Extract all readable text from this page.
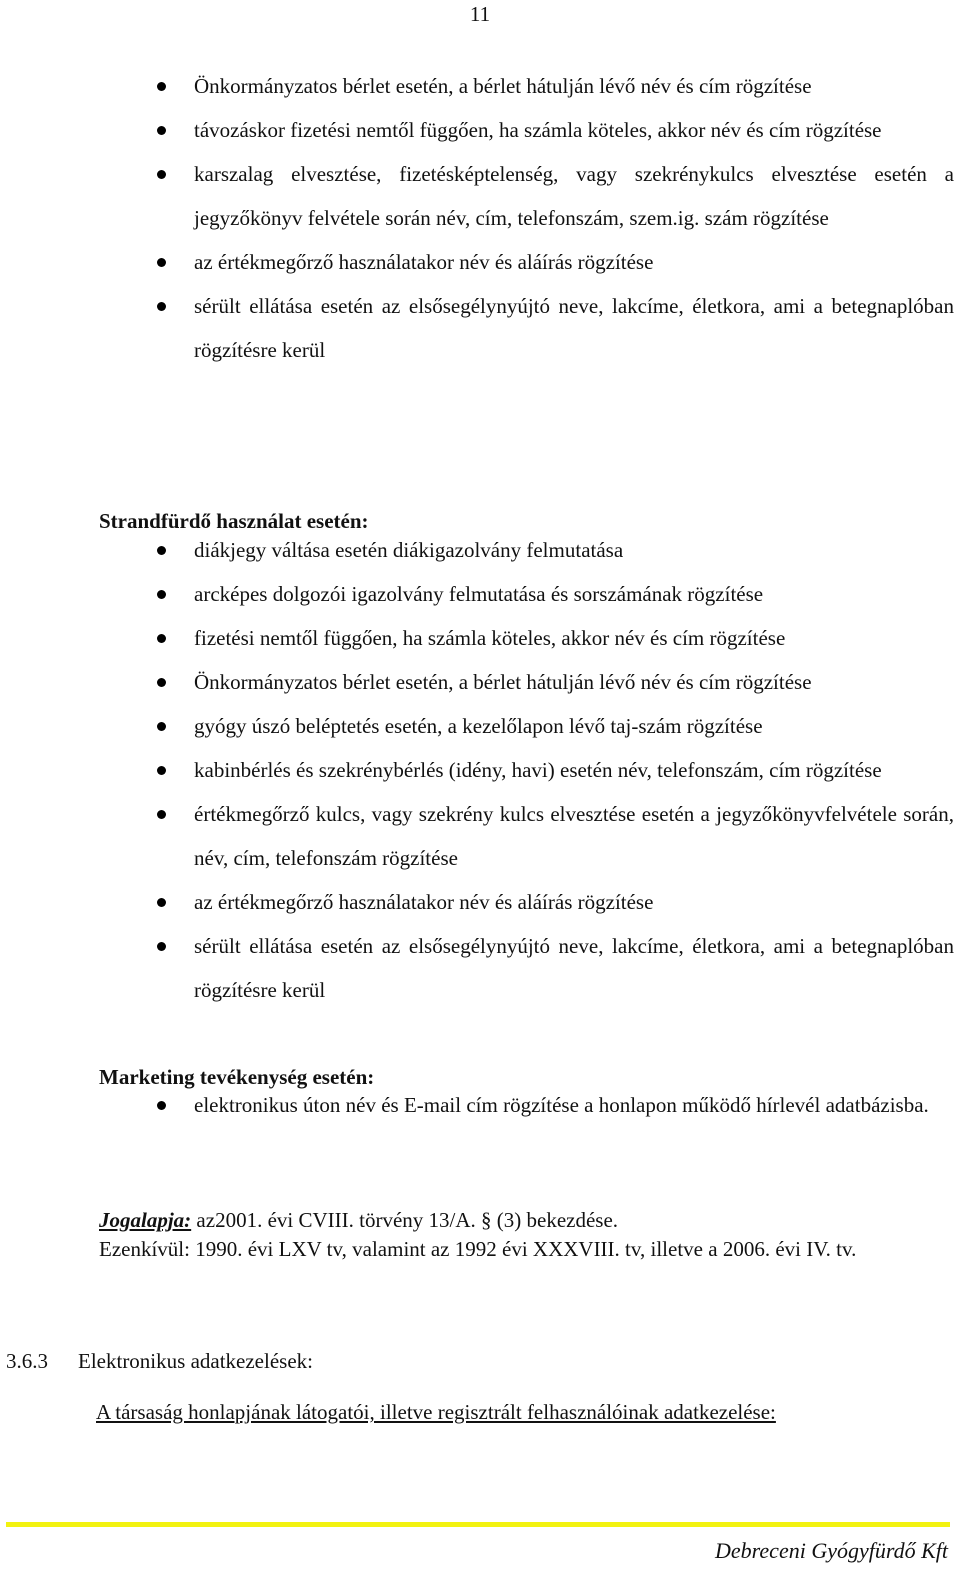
11
Önkormányzatos bérlet esetén, a bérlet hátulján lévő név és cím rögzítése
távozáskor fizetési nemtől függően, ha számla köteles, akkor név és cím rögzítése
karszalag elvesztése, fizetésképtelenség, vagy szekrénykulcs elvesztése esetén a jegyzőkönyv felvétele során név, cím, telefonszám, szem.ig. szám rögzítése
az értékmegőrző használatakor név és aláírás rögzítése
sérült ellátása esetén az elsősegélynyújtó neve, lakcíme, életkora, ami a betegnaplóban rögzítésre kerül
Strandfürdő használat esetén:
diákjegy váltása esetén diákigazolvány felmutatása
arcképes dolgozói igazolvány felmutatása és sorszámának rögzítése
fizetési nemtől függően, ha számla köteles, akkor név és cím rögzítése
Önkormányzatos bérlet esetén, a bérlet hátulján lévő név és cím rögzítése
gyógy úszó beléptetés esetén, a kezelőlapon lévő taj-szám rögzítése
kabinbérlés és szekrénybérlés (idény, havi) esetén név, telefonszám, cím rögzítése
értékmegőrző kulcs, vagy szekrény kulcs elvesztése esetén a jegyzőkönyvfelvétele során, név, cím, telefonszám rögzítése
az értékmegőrző használatakor név és aláírás rögzítése
sérült ellátása esetén az elsősegélynyújtó neve, lakcíme, életkora, ami a betegnaplóban rögzítésre kerül
Marketing tevékenység esetén:
elektronikus úton név és E-mail cím rögzítése a honlapon működő hírlevél adatbázisba.
Jogalapja: az2001. évi CVIII. törvény 13/A. § (3) bekezdése.
Ezenkívül: 1990. évi LXV tv, valamint az 1992 évi XXXVIII. tv, illetve a 2006. évi IV. tv.
3.6.3 Elektronikus adatkezelések:
A társaság honlapjának látogatói, illetve regisztrált felhasználóinak adatkezelése:
Debreceni Gyógyfürdő Kft
